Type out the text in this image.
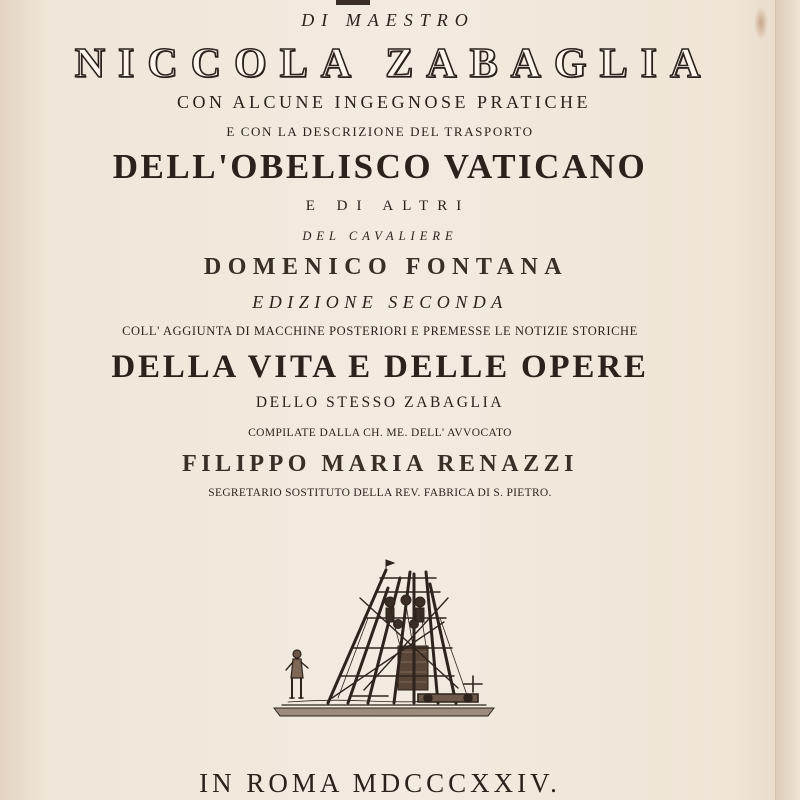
DI MAESTRO
NICCOLA ZABAGLIA
CON ALCUNE INGEGNOSE PRATICHE
E CON LA DESCRIZIONE DEL TRASPORTO
DELL'OBELISCO VATICANO
E DI ALTRI
DEL CAVALIERE
DOMENICO FONTANA
EDIZIONE SECONDA
COLL' AGGIUNTA DI MACCHINE POSTERIORI E PREMESSE LE NOTIZIE STORICHE
DELLA VITA E DELLE OPERE
DELLO STESSO ZABAGLIA
COMPILATE DALLA CH. ME. DELL' AVVOCATO
FILIPPO MARIA RENAZZI
SEGRETARIO SOSTITUTO DELLA REV. FABRICA DI S. PIETRO.
IN ROMA MDCCCXXIV.
